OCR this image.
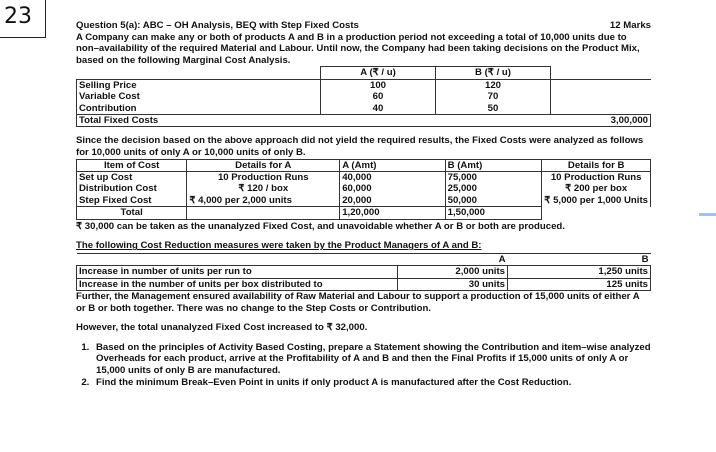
23	Question 5(a): ABC – OH Analysis, BEQ with Step Fixed Costs	12 Marks

A Company can make any or both of products A and B in a production period not exceeding a total of 10,000 units due to non–availability of the required Material and Labour. Until now, the Company had been taking decisions on the Product Mix, based on the following Marginal Cost Analysis.

	A (₹ / u)	B (₹ / u)	
Selling Price	100	120	
Variable Cost	60	70	
Contribution	40	50	
Total Fixed Costs			3,00,000

Since the decision based on the above approach did not yield the required results, the Fixed Costs were analyzed as follows for 10,000 units of only A or 10,000 units of only B.

Item of Cost	Details for A	A (Amt)	B (Amt)	Details for B
Set up Cost	10 Production Runs	40,000	75,000	10 Production Runs
Distribution Cost	₹ 120 / box	60,000	25,000	₹ 200 per box
Step Fixed Cost	₹ 4,000 per 2,000 units	20,000	50,000	₹ 5,000 per 1,000 Units
Total		1,20,000	1,50,000	

₹ 30,000 can be taken as the unanalyzed Fixed Cost, and unavoidable whether A or B or both are produced.

The following Cost Reduction measures were taken by the Product Managers of A and B:

	A	B
Increase in number of units per run to	2,000 units	1,250 units
Increase in the number of units per box distributed to	30 units	125 units

Further, the Management ensured availability of Raw Material and Labour to support a production of 15,000 units of either A or B or both together. There was no change to the Step Costs or Contribution.

However, the total unanalyzed Fixed Cost increased to ₹ 32,000.

1. Based on the principles of Activity Based Costing, prepare a Statement showing the Contribution and item–wise analyzed Overheads for each product, arrive at the Profitability of A and B and then the Final Profits if 15,000 units of only A or 15,000 units of only B are manufactured.
2. Find the minimum Break–Even Point in units if only product A is manufactured after the Cost Reduction.
